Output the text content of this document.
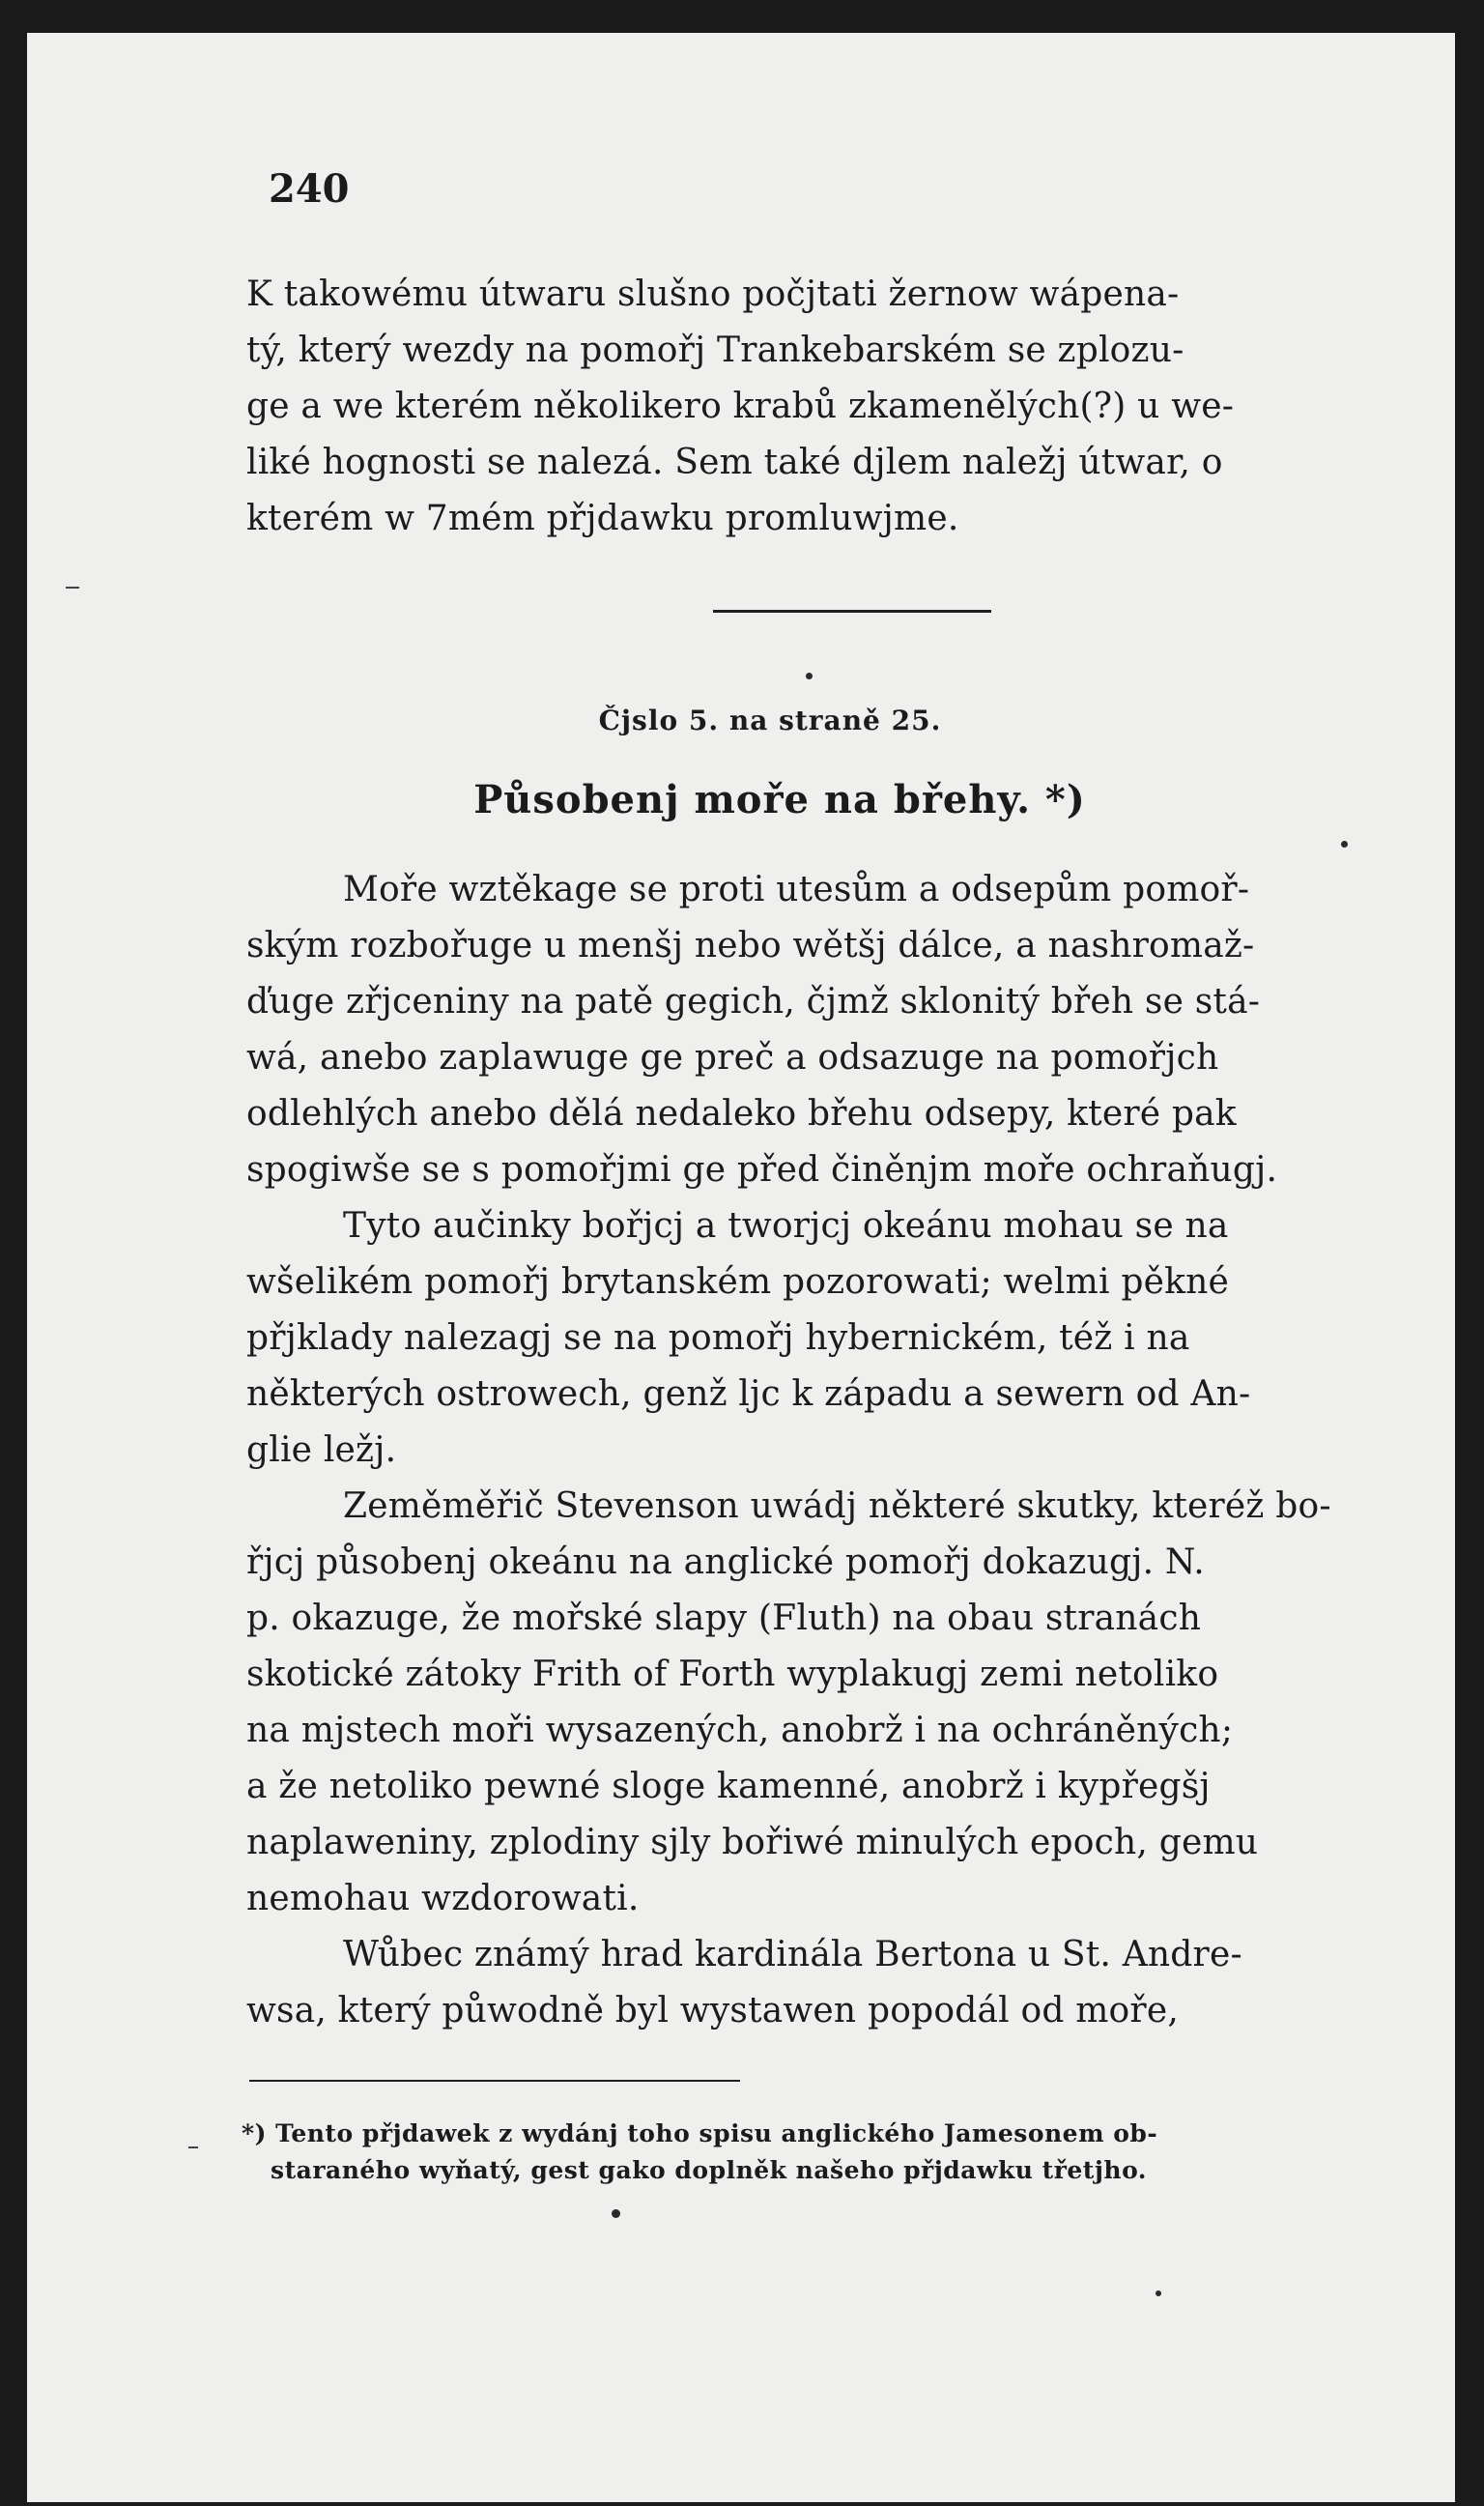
240
K takowému útwaru slušno počjtati žernow wápena-
tý, který wezdy na pomořj Trankebarském se zplozu-
ge a we kterém několikero krabů zkamenělých(?) u we-
liké hognosti se nalezá. Sem také djlem naležj útwar, o
kterém w 7mém přjdawku promluwjme.
Čjslo 5. na straně 25.
Působenj moře na břehy. *)
Moře wztěkage se proti utesům a odsepům pomoř-
ským rozbořuge u menšj nebo wětšj dálce, a nashromaž-
ďuge zřjceniny na patě gegich, čjmž sklonitý břeh se stá-
wá, anebo zaplawuge ge preč a odsazuge na pomořjch
odlehlých anebo dělá nedaleko břehu odsepy, které pak
spogiwše se s pomořjmi ge před činěnjm moře ochraňugj.
Tyto aučinky bořjcj a tworjcj okeánu mohau se na
wšelikém pomořj brytanském pozorowati; welmi pěkné
přjklady nalezagj se na pomořj hybernickém, též i na
některých ostrowech, genž ljc k západu a sewern od An-
glie ležj.
Zeměměřič Stevenson uwádj některé skutky, kteréž bo-
řjcj působenj okeánu na anglické pomořj dokazugj. N.
p. okazuge, že mořské slapy (Fluth) na obau stranách
skotické zátoky Frith of Forth wyplakugj zemi netoliko
na mjstech moři wysazených, anobrž i na ochráněných;
a že netoliko pewné sloge kamenné, anobrž i kypřegšj
naplaweniny, zplodiny sjly bořiwé minulých epoch, gemu
nemohau wzdorowati.
Wůbec známý hrad kardinála Bertona u St. Andre-
wsa, který půwodně byl wystawen popodál od moře,
*) Tento přjdawek z wydánj toho spisu anglického Jamesonem ob-
staraného wyňatý, gest gako doplněk našeho přjdawku třetjho.
